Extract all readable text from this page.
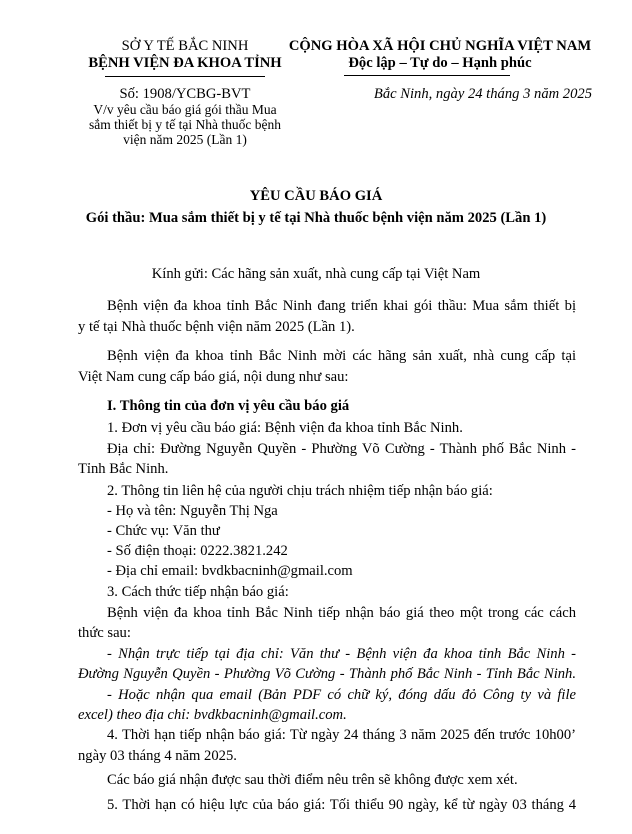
SỞ Y TẾ BẮC NINH
BỆNH VIỆN ĐA KHOA TỈNH
CỘNG HÒA XÃ HỘI CHỦ NGHĨA VIỆT NAM
Độc lập – Tự do – Hạnh phúc
Số: 1908/YCBG-BVT
V/v yêu cầu báo giá gói thầu Mua
sắm thiết bị y tế tại Nhà thuốc bệnh
viện năm 2025 (Lần 1)
Bắc Ninh, ngày 24 tháng 3 năm 2025
YÊU CẦU BÁO GIÁ
Gói thầu: Mua sắm thiết bị y tế tại Nhà thuốc bệnh viện năm 2025 (Lần 1)
Kính gửi: Các hãng sản xuất, nhà cung cấp tại Việt Nam
Bệnh viện đa khoa tỉnh Bắc Ninh đang triển khai gói thầu: Mua sắm thiết bị
y tế tại Nhà thuốc bệnh viện năm 2025 (Lần 1).
Bệnh viện đa khoa tỉnh Bắc Ninh mời các hãng sản xuất, nhà cung cấp tại
Việt Nam cung cấp báo giá, nội dung như sau:
I. Thông tin của đơn vị yêu cầu báo giá
1. Đơn vị yêu cầu báo giá: Bệnh viện đa khoa tỉnh Bắc Ninh.
Địa chỉ: Đường Nguyễn Quyền - Phường Võ Cường - Thành phố Bắc Ninh -
Tỉnh Bắc Ninh.
2. Thông tin liên hệ của người chịu trách nhiệm tiếp nhận báo giá:
- Họ và tên: Nguyễn Thị Nga
- Chức vụ: Văn thư
- Số điện thoại: 0222.3821.242
- Địa chỉ email: bvdkbacninh@gmail.com
3. Cách thức tiếp nhận báo giá:
Bệnh viện đa khoa tỉnh Bắc Ninh tiếp nhận báo giá theo một trong các cách
thức sau:
- Nhận trực tiếp tại địa chỉ: Văn thư - Bệnh viện đa khoa tỉnh Bắc Ninh -
Đường Nguyễn Quyền - Phường Võ Cường - Thành phố Bắc Ninh - Tỉnh Bắc Ninh.
- Hoặc nhận qua email (Bản PDF có chữ ký, đóng dấu đỏ Công ty và file
excel) theo địa chỉ: bvdkbacninh@gmail.com.
4. Thời hạn tiếp nhận báo giá: Từ ngày 24 tháng 3 năm 2025 đến trước 10h00’
ngày 03 tháng 4 năm 2025.
Các báo giá nhận được sau thời điểm nêu trên sẽ không được xem xét.
5. Thời hạn có hiệu lực của báo giá: Tối thiểu 90 ngày, kể từ ngày 03 tháng 4
